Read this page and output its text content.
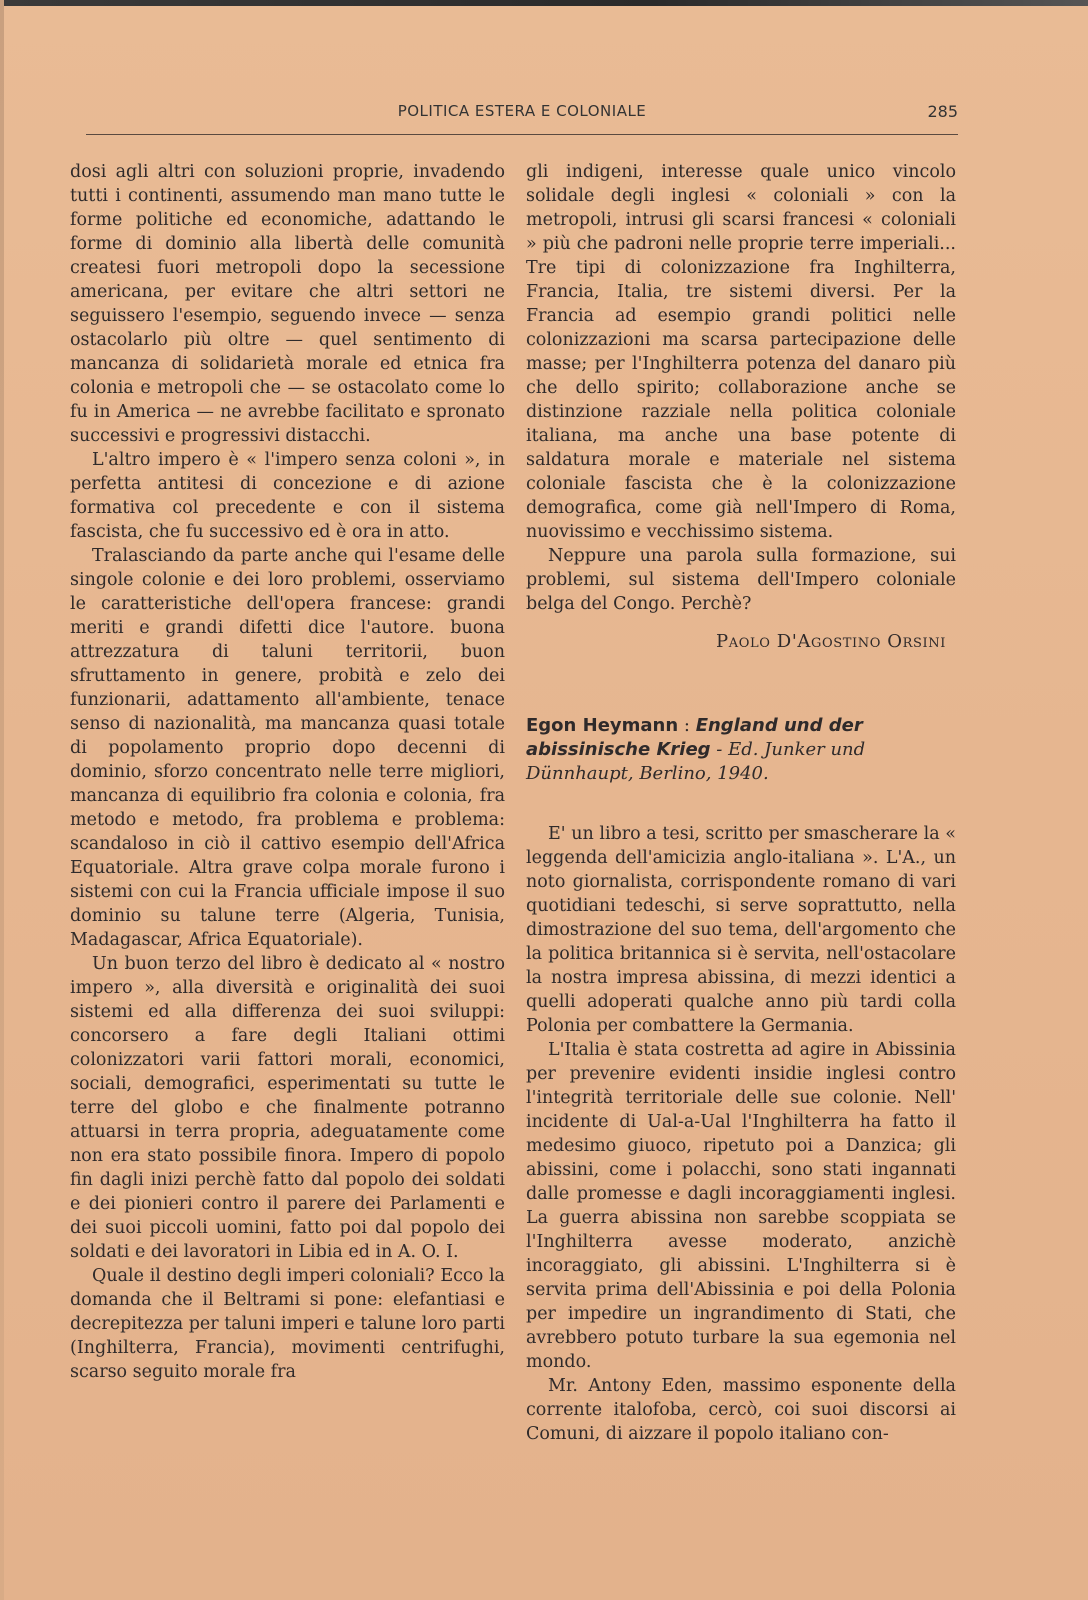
POLITICA ESTERA E COLONIALE	285

dosi agli altri con soluzioni proprie, invadendo tutti i continenti, assumendo man mano tutte le forme politiche ed economiche, adattando le forme di dominio alla libertà delle comunità createsi fuori metropoli dopo la secessione americana, per evitare che altri settori ne seguissero l'esempio, seguendo invece — senza ostacolarlo più oltre — quel sentimento di mancanza di solidarietà morale ed etnica fra colonia e metropoli che — se ostacolato come lo fu in America — ne avrebbe facilitato e spronato successivi e progressivi distacchi.

L'altro impero è « l'impero senza coloni », in perfetta antitesi di concezione e di azione formativa col precedente e con il sistema fascista, che fu successivo ed è ora in atto.

Tralasciando da parte anche qui l'esame delle singole colonie e dei loro problemi, osserviamo le caratteristiche dell'opera francese: grandi meriti e grandi difetti dice l'autore. buona attrezzatura di taluni territorii, buon sfruttamento in genere, probità e zelo dei funzionarii, adattamento all'ambiente, tenace senso di nazionalità, ma mancanza quasi totale di popolamento proprio dopo decenni di dominio, sforzo concentrato nelle terre migliori, mancanza di equilibrio fra colonia e colonia, fra metodo e metodo, fra problema e problema: scandaloso in ciò il cattivo esempio dell'Africa Equatoriale. Altra grave colpa morale furono i sistemi con cui la Francia ufficiale impose il suo dominio su talune terre (Algeria, Tunisia, Madagascar, Africa Equatoriale).

Un buon terzo del libro è dedicato al « nostro impero », alla diversità e originalità dei suoi sistemi ed alla differenza dei suoi sviluppi: concorsero a fare degli Italiani ottimi colonizzatori varii fattori morali, economici, sociali, demografici, esperimentati su tutte le terre del globo e che finalmente potranno attuarsi in terra propria, adeguatamente come non era stato possibile finora. Impero di popolo fin dagli inizi perchè fatto dal popolo dei soldati e dei pionieri contro il parere dei Parlamenti e dei suoi piccoli uomini, fatto poi dal popolo dei soldati e dei lavoratori in Libia ed in A. O. I.

Quale il destino degli imperi coloniali? Ecco la domanda che il Beltrami si pone: elefantiasi e decrepitezza per taluni imperi e talune loro parti (Inghilterra, Francia), movimenti centrifughi, scarso seguito morale fra

gli indigeni, interesse quale unico vincolo solidale degli inglesi « coloniali » con la metropoli, intrusi gli scarsi francesi « coloniali » più che padroni nelle proprie terre imperiali... Tre tipi di colonizzazione fra Inghilterra, Francia, Italia, tre sistemi diversi. Per la Francia ad esempio grandi politici nelle colonizzazioni ma scarsa partecipazione delle masse; per l'Inghilterra potenza del danaro più che dello spirito; collaborazione anche se distinzione razziale nella politica coloniale italiana, ma anche una base potente di saldatura morale e materiale nel sistema coloniale fascista che è la colonizzazione demografica, come già nell'Impero di Roma, nuovissimo e vecchissimo sistema.

Neppure una parola sulla formazione, sui problemi, sul sistema dell'Impero coloniale belga del Congo. Perchè?

Paolo D'Agostino Orsini
Egon Heymann : England und der abissinische Krieg - Ed. Junker und Dünnhaupt, Berlino, 1940.

E' un libro a tesi, scritto per smascherare la « leggenda dell'amicizia anglo-italiana ». L'A., un noto giornalista, corrispondente romano di vari quotidiani tedeschi, si serve soprattutto, nella dimostrazione del suo tema, dell'argomento che la politica britannica si è servita, nell'ostacolare la nostra impresa abissina, di mezzi identici a quelli adoperati qualche anno più tardi colla Polonia per combattere la Germania.

L'Italia è stata costretta ad agire in Abissinia per prevenire evidenti insidie inglesi contro l'integrità territoriale delle sue colonie. Nell' incidente di Ual-a-Ual l'Inghilterra ha fatto il medesimo giuoco, ripetuto poi a Danzica; gli abissini, come i polacchi, sono stati ingannati dalle promesse e dagli incoraggiamenti inglesi. La guerra abissina non sarebbe scoppiata se l'Inghilterra avesse moderato, anzichè incoraggiato, gli abissini. L'Inghilterra si è servita prima dell'Abissinia e poi della Polonia per impedire un ingrandimento di Stati, che avrebbero potuto turbare la sua egemonia nel mondo.

Mr. Antony Eden, massimo esponente della corrente italofoba, cercò, coi suoi discorsi ai Comuni, di aizzare il popolo italiano con-
